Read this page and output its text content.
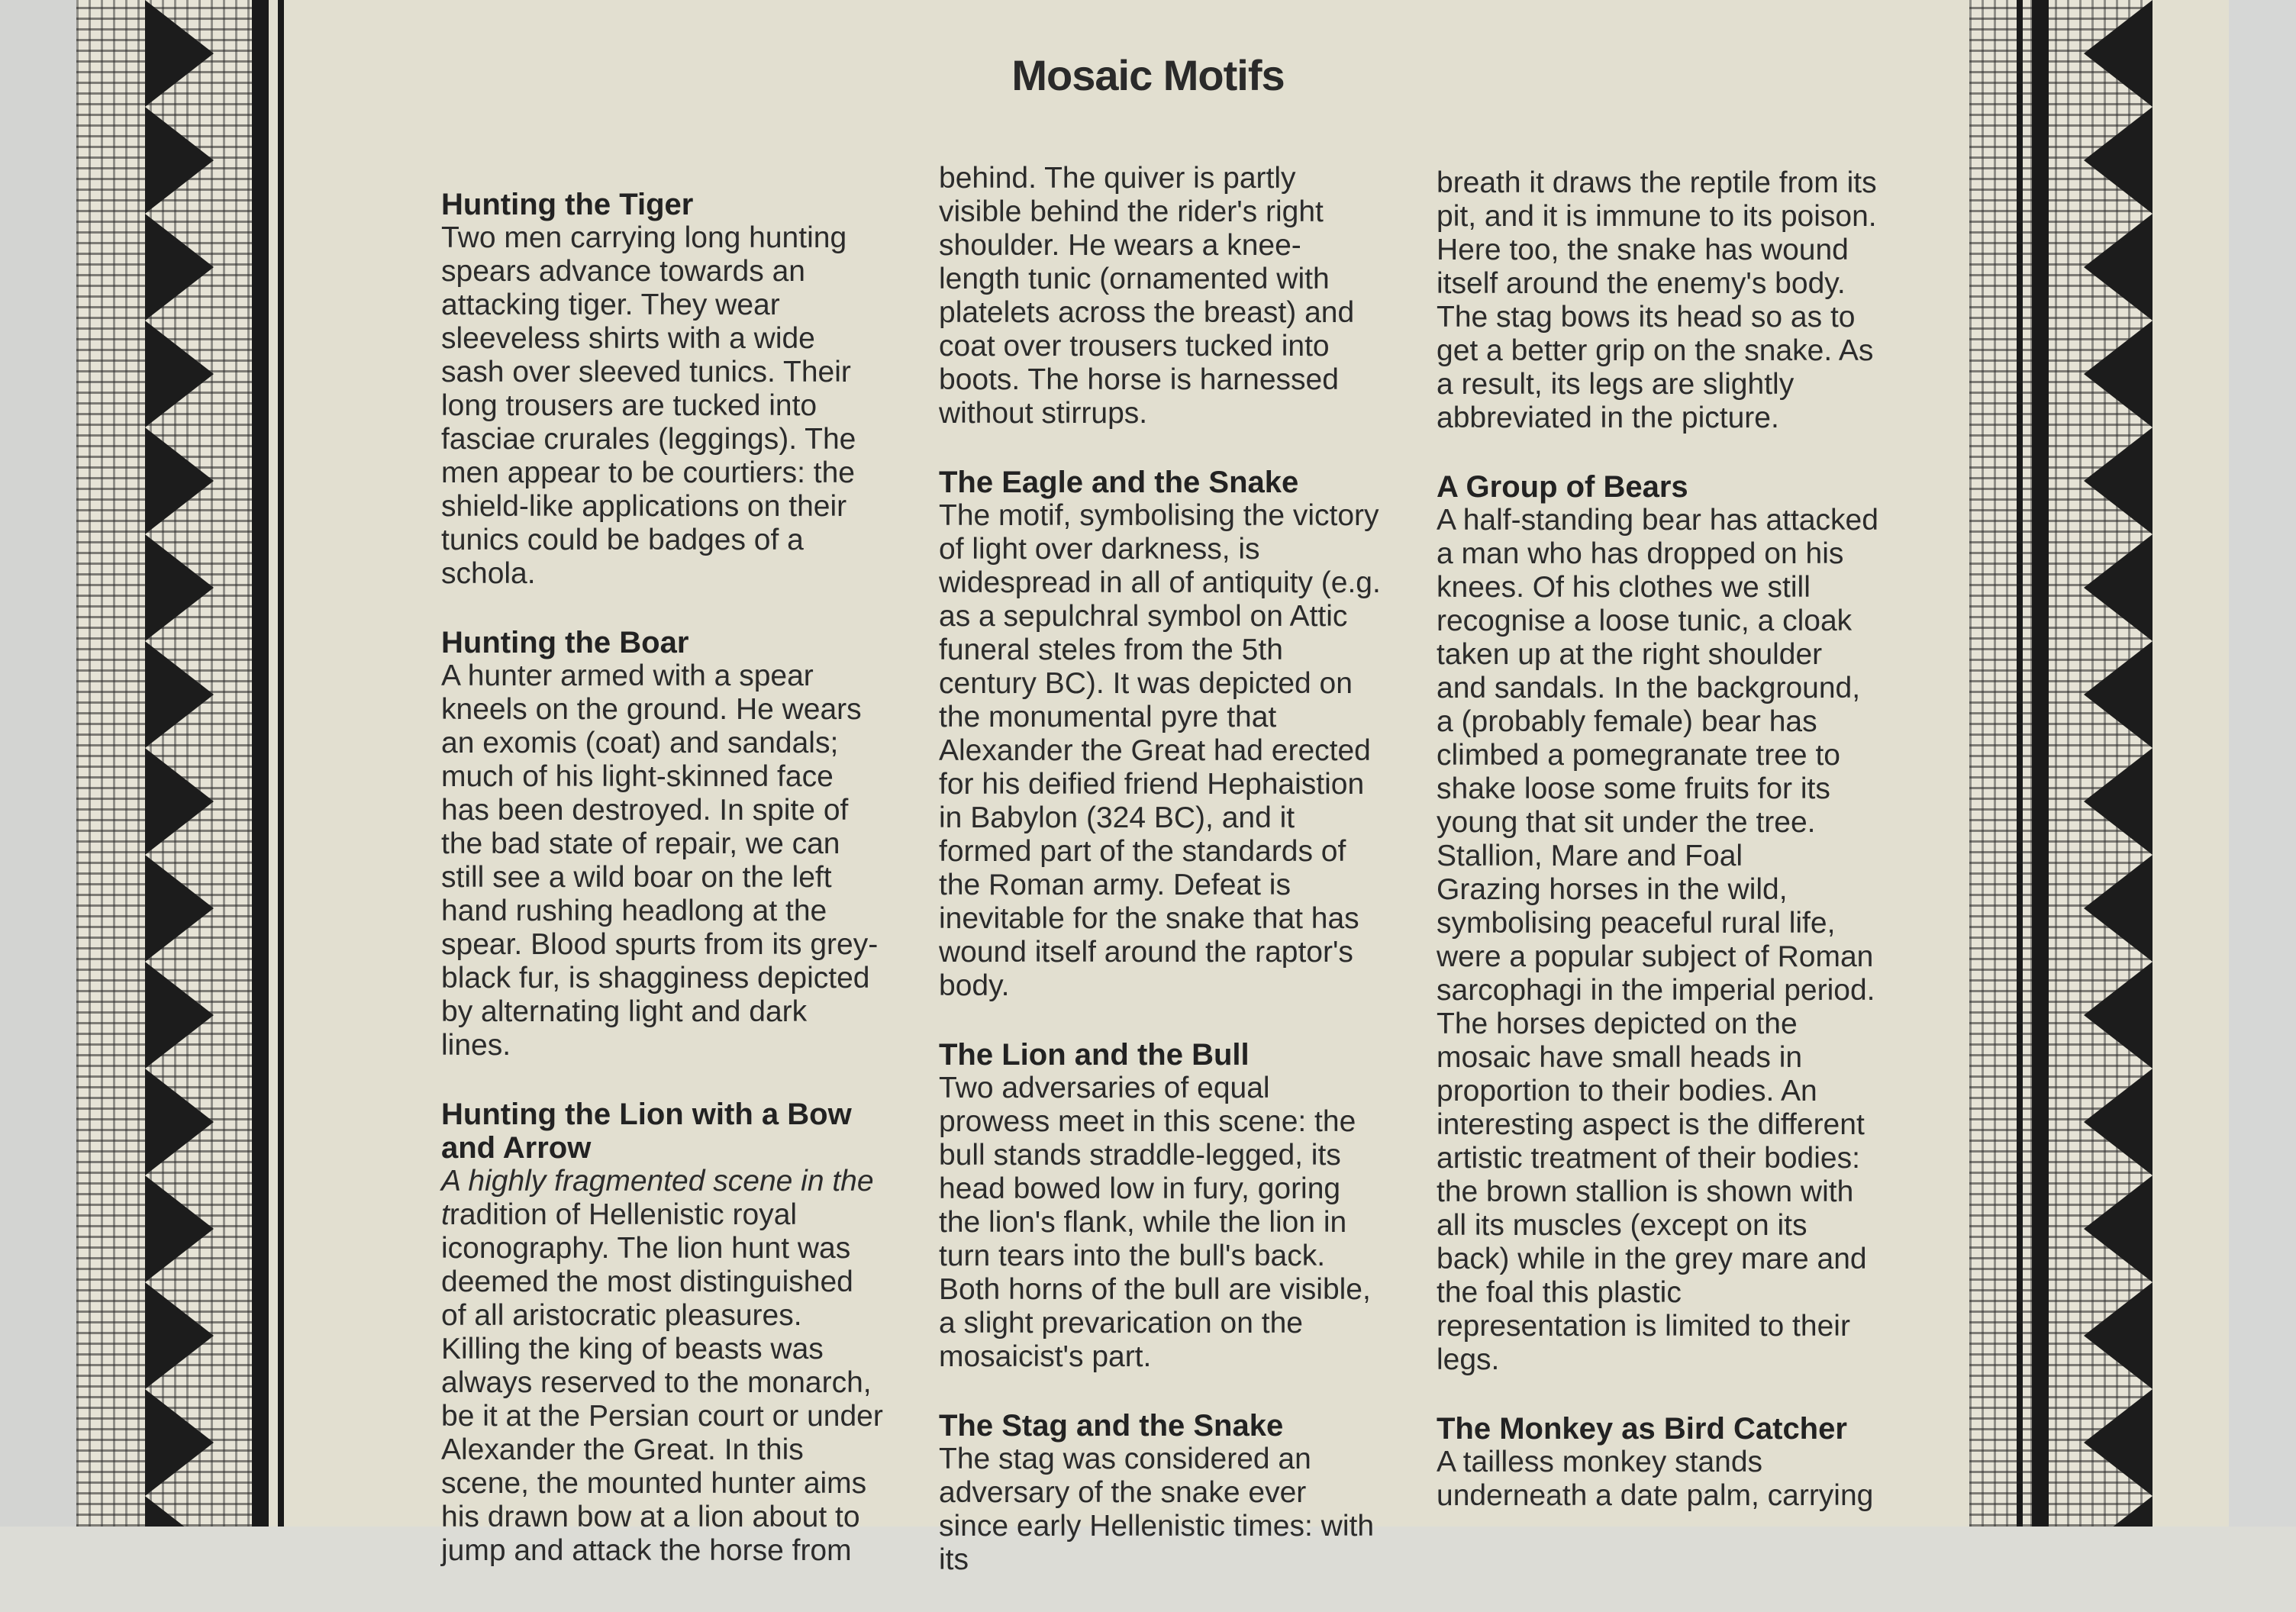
Mosaic Motifs

Hunting the Tiger
Two men carrying long hunting spears advance towards an attacking tiger. They wear sleeveless shirts with a wide sash over sleeved tunics. Their long trousers are tucked into fasciae crurales (leggings). The men appear to be courtiers: the shield-like applications on their tunics could be badges of a schola.

Hunting the Boar
A hunter armed with a spear kneels on the ground. He wears an exomis (coat) and sandals; much of his light-skinned face has been destroyed. In spite of the bad state of repair, we can still see a wild boar on the left hand rushing headlong at the spear. Blood spurts from its grey-black fur, is shagginess depicted by alternating light and dark lines.

Hunting the Lion with a Bow and Arrow
A highly fragmented scene in the tradition of Hellenistic royal iconography. The lion hunt was deemed the most distinguished of all aristocratic pleasures. Killing the king of beasts was always reserved to the monarch, be it at the Persian court or under Alexander the Great. In this scene, the mounted hunter aims his drawn bow at a lion about to jump and attack the horse from

behind. The quiver is partly visible behind the rider's right shoulder. He wears a knee-length tunic (ornamented with platelets across the breast) and coat over trousers tucked into boots. The horse is harnessed without stirrups.

The Eagle and the Snake
The motif, symbolising the victory of light over darkness, is widespread in all of antiquity (e.g. as a sepulchral symbol on Attic funeral steles from the 5th century BC). It was depicted on the monumental pyre that Alexander the Great had erected for his deified friend Hephaistion in Babylon (324 BC), and it formed part of the standards of the Roman army. Defeat is inevitable for the snake that has wound itself around the raptor's body.

The Lion and the Bull
Two adversaries of equal prowess meet in this scene: the bull stands straddle-legged, its head bowed low in fury, goring the lion's flank, while the lion in turn tears into the bull's back. Both horns of the bull are visible, a slight prevarication on the mosaicist's part.

The Stag and the Snake
The stag was considered an adversary of the snake ever since early Hellenistic times: with its

breath it draws the reptile from its pit, and it is immune to its poison. Here too, the snake has wound itself around the enemy's body. The stag bows its head so as to get a better grip on the snake. As a result, its legs are slightly abbreviated in the picture.

A Group of Bears
A half-standing bear has attacked a man who has dropped on his knees. Of his clothes we still recognise a loose tunic, a cloak taken up at the right shoulder and sandals. In the background, a (probably female) bear has climbed a pomegranate tree to shake loose some fruits for its young that sit under the tree.
Stallion, Mare and Foal
Grazing horses in the wild, symbolising peaceful rural life, were a popular subject of Roman sarcophagi in the imperial period. The horses depicted on the mosaic have small heads in proportion to their bodies. An interesting aspect is the different artistic treatment of their bodies: the brown stallion is shown with all its muscles (except on its back) while in the grey mare and the foal this plastic representation is limited to their legs.

The Monkey as Bird Catcher
A tailless monkey stands underneath a date palm, carrying
